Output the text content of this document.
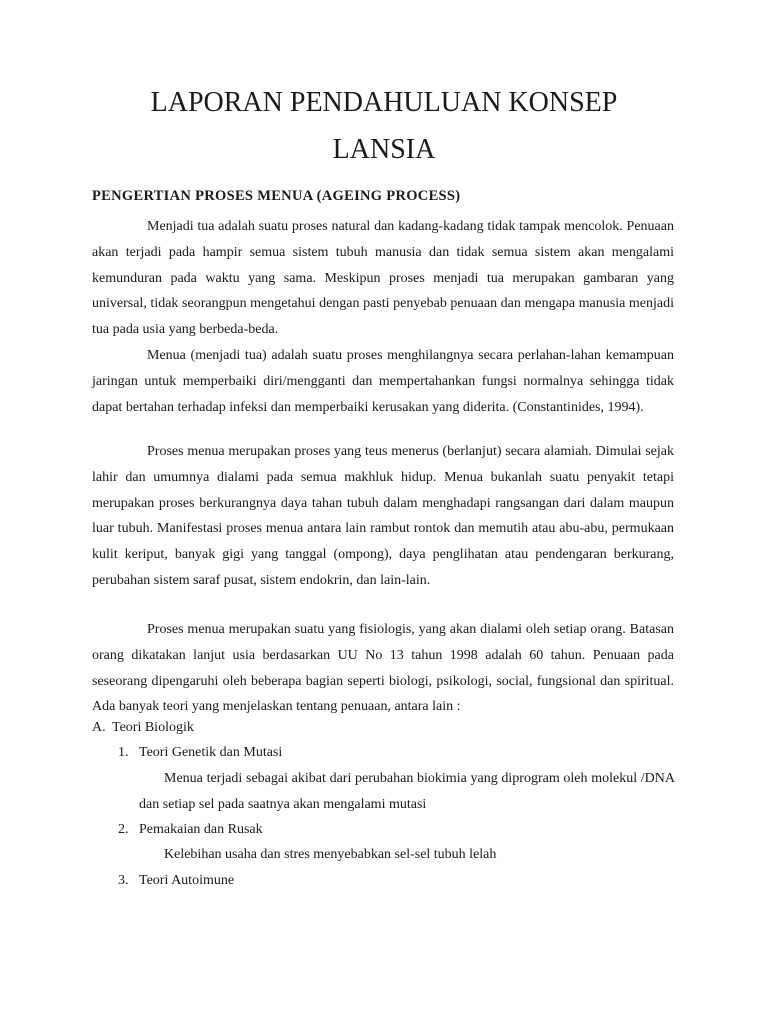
LAPORAN PENDAHULUAN KONSEP
LANSIA
PENGERTIAN PROSES MENUA (AGEING PROCESS)

Menjadi tua adalah suatu proses natural dan kadang-kadang tidak tampak mencolok. Penuaan akan terjadi pada hampir semua sistem tubuh manusia dan tidak semua sistem akan mengalami kemunduran pada waktu yang sama. Meskipun proses menjadi tua merupakan gambaran yang universal, tidak seorangpun mengetahui dengan pasti penyebab penuaan dan mengapa manusia menjadi tua pada usia yang berbeda-beda.

Menua (menjadi tua) adalah suatu proses menghilangnya secara perlahan-lahan kemampuan jaringan untuk memperbaiki diri/mengganti dan mempertahankan fungsi normalnya sehingga tidak dapat bertahan terhadap infeksi dan memperbaiki kerusakan yang diderita. (Constantinides, 1994).

Proses menua merupakan proses yang teus menerus (berlanjut) secara alamiah. Dimulai sejak lahir dan umumnya dialami pada semua makhluk hidup. Menua bukanlah suatu penyakit tetapi merupakan proses berkurangnya daya tahan tubuh dalam menghadapi rangsangan dari dalam maupun luar tubuh. Manifestasi proses menua antara lain rambut rontok dan memutih atau abu-abu, permukaan kulit keriput, banyak gigi yang tanggal (ompong), daya penglihatan atau pendengaran berkurang, perubahan sistem saraf pusat, sistem endokrin, dan lain-lain.

Proses menua merupakan suatu yang fisiologis, yang akan dialami oleh setiap orang. Batasan orang dikatakan lanjut usia berdasarkan UU No 13 tahun 1998 adalah 60 tahun. Penuaan pada seseorang dipengaruhi oleh beberapa bagian seperti biologi, psikologi, social, fungsional dan spiritual. Ada banyak teori yang menjelaskan tentang penuaan, antara lain :

A. Teori Biologik
1. Teori Genetik dan Mutasi

Menua terjadi sebagai akibat dari perubahan biokimia yang diprogram oleh molekul /DNA dan setiap sel pada saatnya akan mengalami mutasi

2. Pemakaian dan Rusak

Kelebihan usaha dan stres menyebabkan sel-sel tubuh lelah

3. Teori Autoimune
